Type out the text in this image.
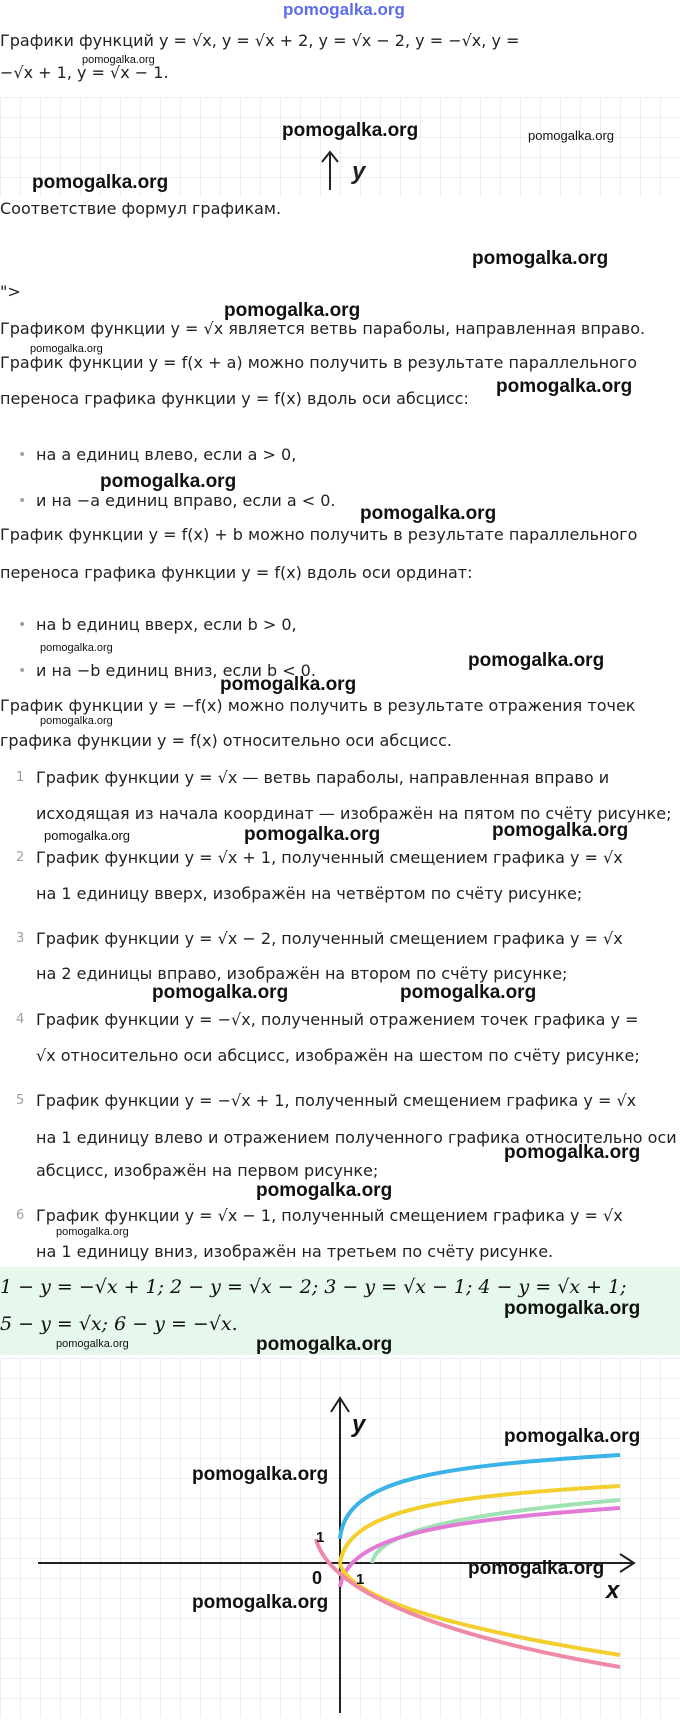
pomogalka.org
Графики функций y = √x, y = √x + 2, y = √x − 2, y = −√x, y =
−√x + 1, y = √x − 1.
y
Соответствие формул графикам.
">
Графиком функции y = √x является ветвь параболы, направленная вправо.
График функции y = f(x + a) можно получить в результате параллельного
переноса графика функции y = f(x) вдоль оси абсцисс:
• на a единиц влево, если a > 0,
• и на −a единиц вправо, если a < 0.
График функции y = f(x) + b можно получить в результате параллельного
переноса графика функции y = f(x) вдоль оси ординат:
• на b единиц вверх, если b > 0,
• и на −b единиц вниз, если b < 0.
График функции y = −f(x) можно получить в результате отражения точек
графика функции y = f(x) относительно оси абсцисс.
1 График функции y = √x — ветвь параболы, направленная вправо и
исходящая из начала координат — изображён на пятом по счёту рисунке;
2 График функции y = √x + 1, полученный смещением графика y = √x
на 1 единицу вверх, изображён на четвёртом по счёту рисунке;
3 График функции y = √x − 2, полученный смещением графика y = √x
на 2 единицы вправо, изображён на втором по счёту рисунке;
4 График функции y = −√x, полученный отражением точек графика y =
√x относительно оси абсцисс, изображён на шестом по счёту рисунке;
5 График функции y = −√x + 1, полученный смещением графика y = √x
на 1 единицу влево и отражением полученного графика относительно оси
абсцисс, изображён на первом рисунке;
6 График функции y = √x − 1, полученный смещением графика y = √x
на 1 единицу вниз, изображён на третьем по счёту рисунке.
1 − y = −√x + 1; 2 − y = √x − 2; 3 − y = √x − 1; 4 − y = √x + 1;
5 − y = √x; 6 − y = −√x.
y
x
0
1
1
pomogalka.org
pomogalka.org	pomogalka.org
pomogalka.org
pomogalka.org
pomogalka.org
pomogalka.org
pomogalka.org
pomogalka.org
pomogalka.org
pomogalka.org
pomogalka.org
pomogalka.org
pomogalka.org
pomogalka.org	pomogalka.org	pomogalka.org
pomogalka.org	pomogalka.org
pomogalka.org
pomogalka.org
pomogalka.org
pomogalka.org
pomogalka.org	pomogalka.org
pomogalka.org
pomogalka.org
pomogalka.org
pomogalka.org
